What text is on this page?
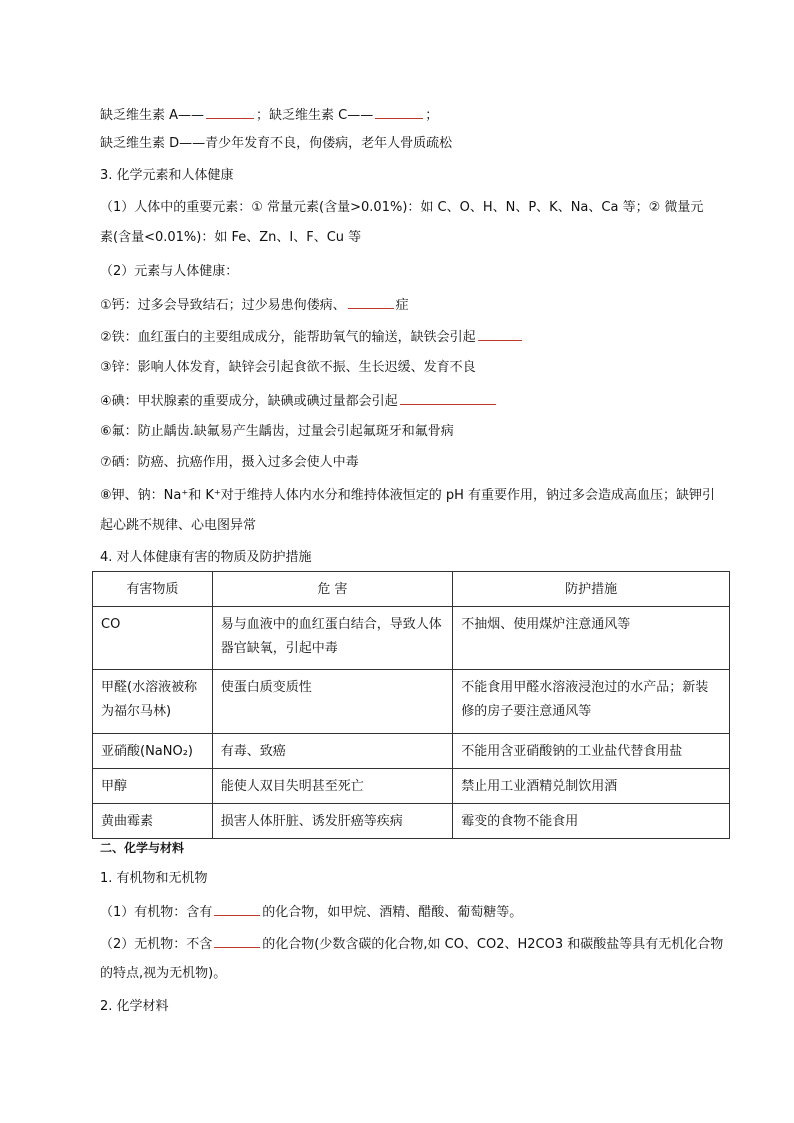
缺乏维生素 A——	；缺乏维生素 C——	；
缺乏维生素 D——青少年发育不良，佝偻病，老年人骨质疏松
3. 化学元素和人体健康
（1）人体中的重要元素：① 常量元素(含量>0.01%)：如 C、O、H、N、P、K、Na、Ca 等；② 微量元
素(含量<0.01%)：如 Fe、Zn、I、F、Cu 等
（2）元素与人体健康：
①钙：过多会导致结石；过少易患佝偻病、	症
②铁：血红蛋白的主要组成成分，能帮助氧气的输送，缺铁会引起
③锌：影响人体发育，缺锌会引起食欲不振、生长迟缓、发育不良
④碘：甲状腺素的重要成分，缺碘或碘过量都会引起
⑥氟：防止龋齿.缺氟易产生龋齿，过量会引起氟斑牙和氟骨病
⑦硒：防癌、抗癌作用，摄入过多会使人中毒
⑧钾、钠：Na⁺和 K⁺对于维持人体内水分和维持体液恒定的 pH 有重要作用，钠过多会造成高血压；缺钾引
起心跳不规律、心电图异常
4. 对人体健康有害的物质及防护措施
有害物质	危 害	防护措施
CO	易与血液中的血红蛋白结合，导致人体器官缺氧，引起中毒	不抽烟、使用煤炉注意通风等
甲醛(水溶液被称为福尔马林)	使蛋白质变质性	不能食用甲醛水溶液浸泡过的水产品；新装修的房子要注意通风等
亚硝酸(NaNO₂)	有毒、致癌	不能用含亚硝酸钠的工业盐代替食用盐
甲醇	能使人双目失明甚至死亡	禁止用工业酒精兑制饮用酒
黄曲霉素	损害人体肝脏、诱发肝癌等疾病	霉变的食物不能食用
二、化学与材料
1. 有机物和无机物
（1）有机物：含有	的化合物，如甲烷、酒精、醋酸、葡萄糖等。
（2）无机物：不含	的化合物(少数含碳的化合物,如 CO、CO2、H2CO3 和碳酸盐等具有无机化合物
的特点,视为无机物)。
2. 化学材料
